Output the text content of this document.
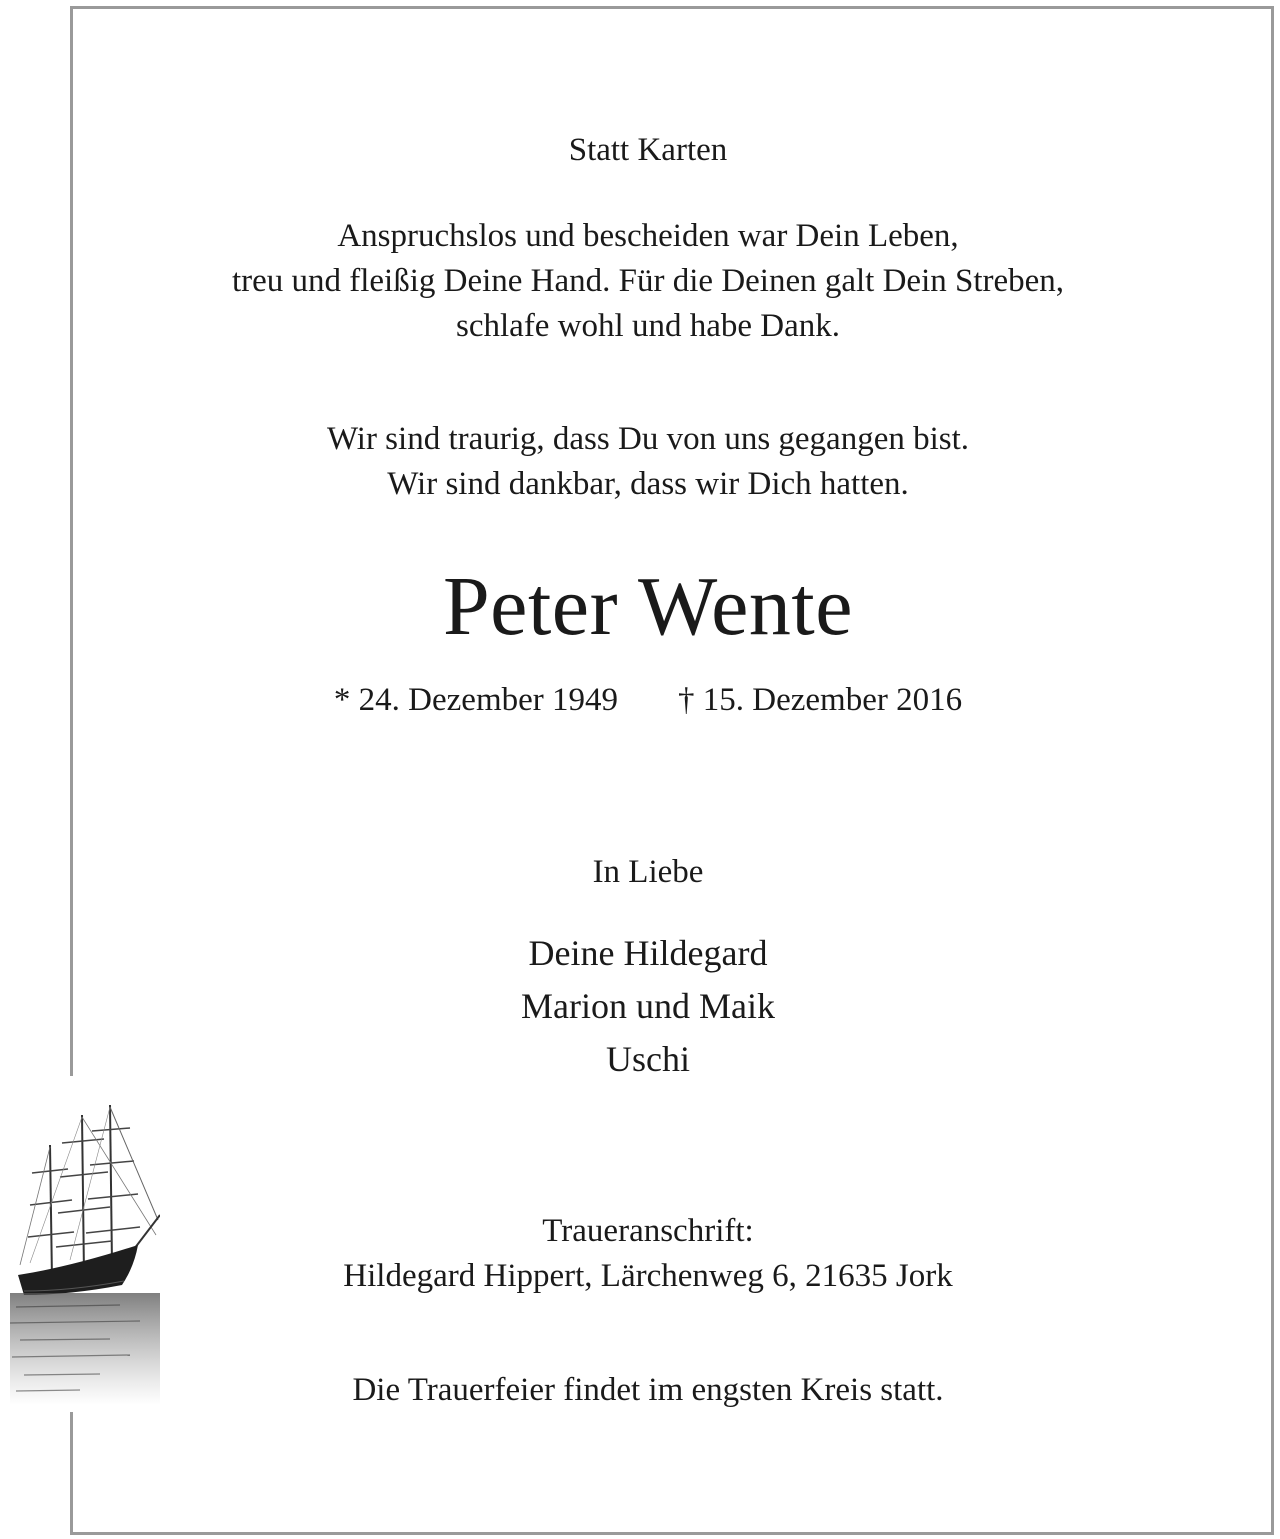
Statt Karten
Anspruchslos und bescheiden war Dein Leben,
treu und fleißig Deine Hand. Für die Deinen galt Dein Streben,
schlafe wohl und habe Dank.
Wir sind traurig, dass Du von uns gegangen bist.
Wir sind dankbar, dass wir Dich hatten.
Peter Wente
* 24. Dezember 1949 † 15. Dezember 2016
In Liebe
Deine Hildegard
Marion und Maik
Uschi
Traueranschrift:
Hildegard Hippert, Lärchenweg 6, 21635 Jork
Die Trauerfeier findet im engsten Kreis statt.
